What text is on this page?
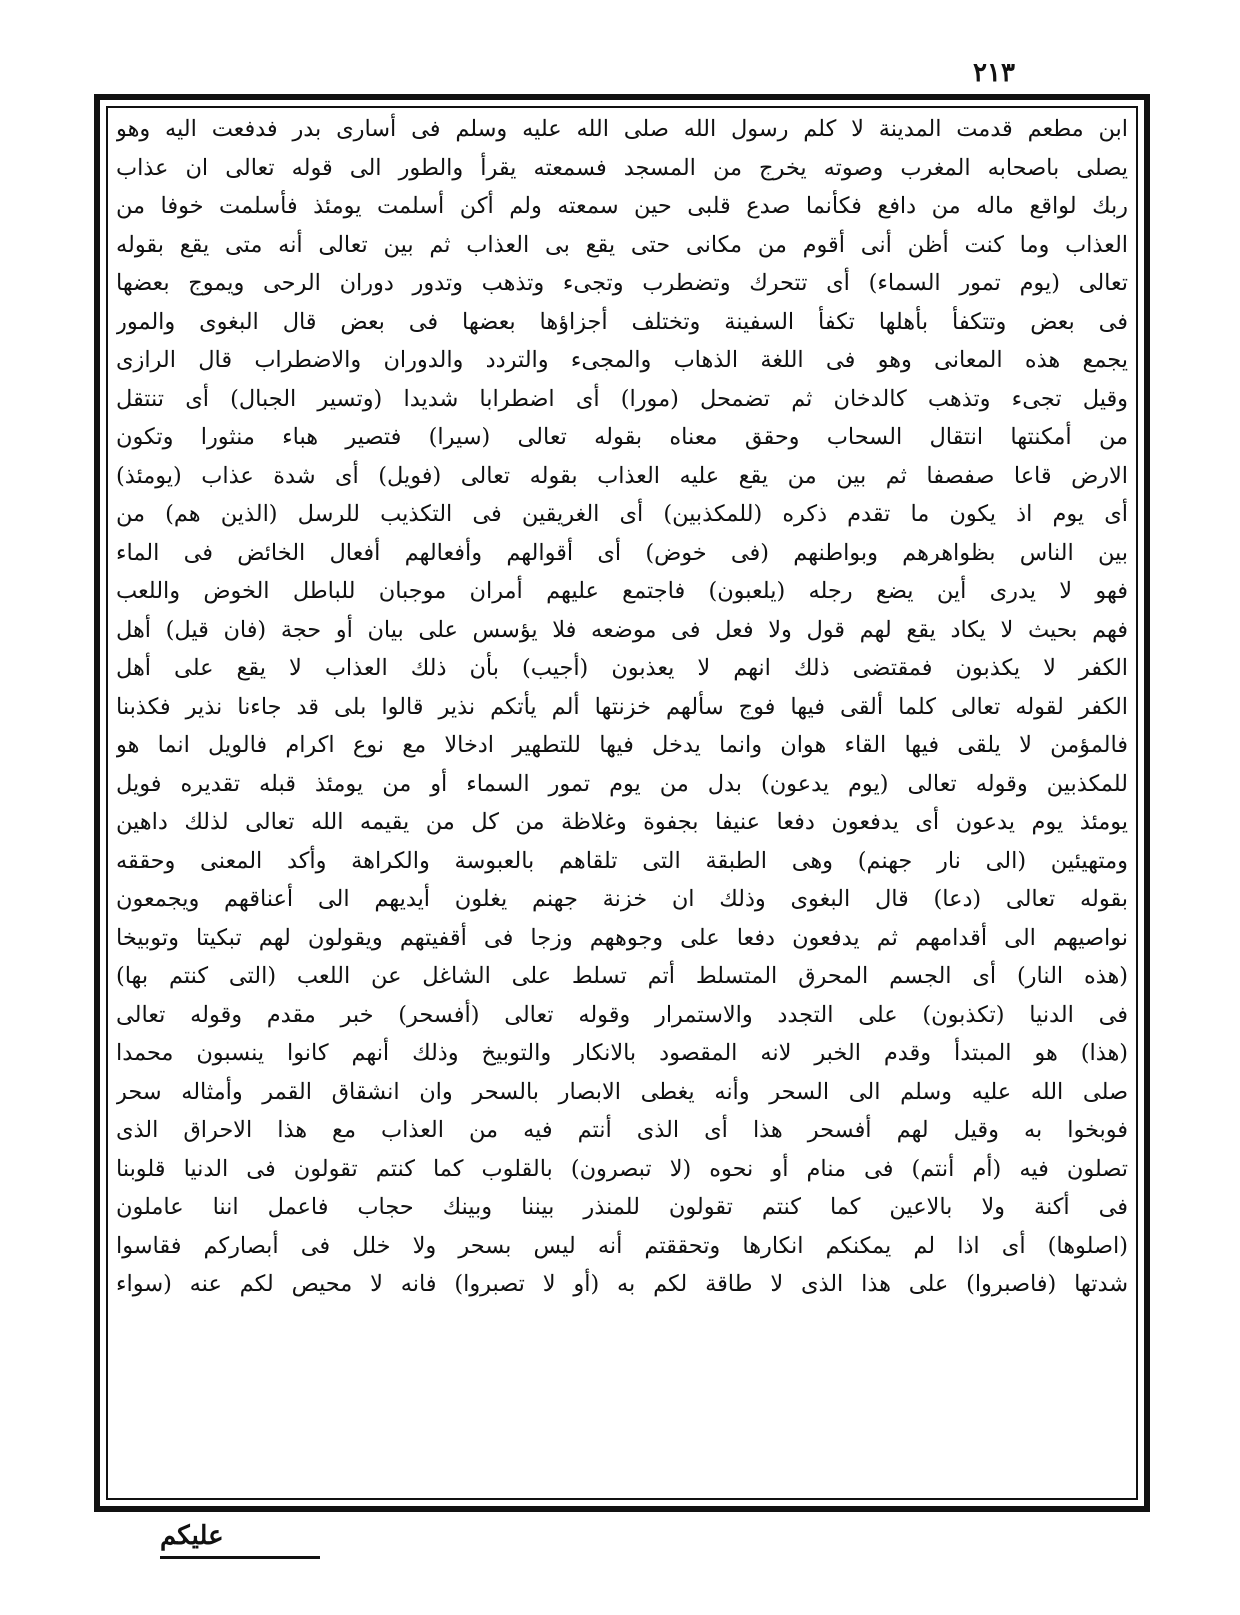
٢١٣
ابن مطعم قدمت المدينة لا كلم رسول الله صلى الله عليه وسلم فى أسارى بدر فدفعت اليه وهو
يصلى باصحابه المغرب وصوته يخرج من المسجد فسمعته يقرأ والطور الى قوله تعالى ان عذاب
ربك لواقع ماله من دافع فكأنما صدع قلبى حين سمعته ولم أكن أسلمت يومئذ فأسلمت خوفا من
العذاب وما كنت أظن أنى أقوم من مكانى حتى يقع بى العذاب ثم بين تعالى أنه متى يقع بقوله
تعالى (يوم تمور السماء) أى تتحرك وتضطرب وتجىء وتذهب وتدور دوران الرحى ويموج بعضها
فى بعض وتتكفأ بأهلها تكفأ السفينة وتختلف أجزاؤها بعضها فى بعض قال البغوى والمور
يجمع هذه المعانى وهو فى اللغة الذهاب والمجىء والتردد والدوران والاضطراب قال الرازى
وقيل تجىء وتذهب كالدخان ثم تضمحل (مورا) أى اضطرابا شديدا (وتسير الجبال) أى تنتقل
من أمكنتها انتقال السحاب وحقق معناه بقوله تعالى (سيرا) فتصير هباء منثورا وتكون
الارض قاعا صفصفا ثم بين من يقع عليه العذاب بقوله تعالى (فويل) أى شدة عذاب (يومئذ)
أى يوم اذ يكون ما تقدم ذكره (للمكذبين) أى الغريقين فى التكذيب للرسل (الذين هم) من
بين الناس بظواهرهم وبواطنهم (فى خوض) أى أقوالهم وأفعالهم أفعال الخائض فى الماء
فهو لا يدرى أين يضع رجله (يلعبون) فاجتمع عليهم أمران موجبان للباطل الخوض واللعب
فهم بحيث لا يكاد يقع لهم قول ولا فعل فى موضعه فلا يؤسس على بيان أو حجة (فان قيل) أهل
الكفر لا يكذبون فمقتضى ذلك انهم لا يعذبون (أجيب) بأن ذلك العذاب لا يقع على أهل
الكفر لقوله تعالى كلما ألقى فيها فوج سألهم خزنتها ألم يأتكم نذير قالوا بلى قد جاءنا نذير فكذبنا
فالمؤمن لا يلقى فيها القاء هوان وانما يدخل فيها للتطهير ادخالا مع نوع اكرام فالويل انما هو
للمكذبين وقوله تعالى (يوم يدعون) بدل من يوم تمور السماء أو من يومئذ قبله تقديره فويل
يومئذ يوم يدعون أى يدفعون دفعا عنيفا بجفوة وغلاظة من كل من يقيمه الله تعالى لذلك داهين
ومتهيئين (الى نار جهنم) وهى الطبقة التى تلقاهم بالعبوسة والكراهة وأكد المعنى وحققه
بقوله تعالى (دعا) قال البغوى وذلك ان خزنة جهنم يغلون أيديهم الى أعناقهم ويجمعون
نواصيهم الى أقدامهم ثم يدفعون دفعا على وجوههم وزجا فى أقفيتهم ويقولون لهم تبكيتا وتوبيخا
(هذه النار) أى الجسم المحرق المتسلط أتم تسلط على الشاغل عن اللعب (التى كنتم بها)
فى الدنيا (تكذبون) على التجدد والاستمرار وقوله تعالى (أفسحر) خبر مقدم وقوله تعالى
(هذا) هو المبتدأ وقدم الخبر لانه المقصود بالانكار والتوبيخ وذلك أنهم كانوا ينسبون محمدا
صلى الله عليه وسلم الى السحر وأنه يغطى الابصار بالسحر وان انشقاق القمر وأمثاله سحر
فوبخوا به وقيل لهم أفسحر هذا أى الذى أنتم فيه من العذاب مع هذا الاحراق الذى
تصلون فيه (أم أنتم) فى منام أو نحوه (لا تبصرون) بالقلوب كما كنتم تقولون فى الدنيا قلوبنا
فى أكنة ولا بالاعين كما كنتم تقولون للمنذر بيننا وبينك حجاب فاعمل اننا عاملون
(اصلوها) أى اذا لم يمكنكم انكارها وتحققتم أنه ليس بسحر ولا خلل فى أبصاركم فقاسوا
شدتها (فاصبروا) على هذا الذى لا طاقة لكم به (أو لا تصبروا) فانه لا محيص لكم عنه (سواء
عليكم
